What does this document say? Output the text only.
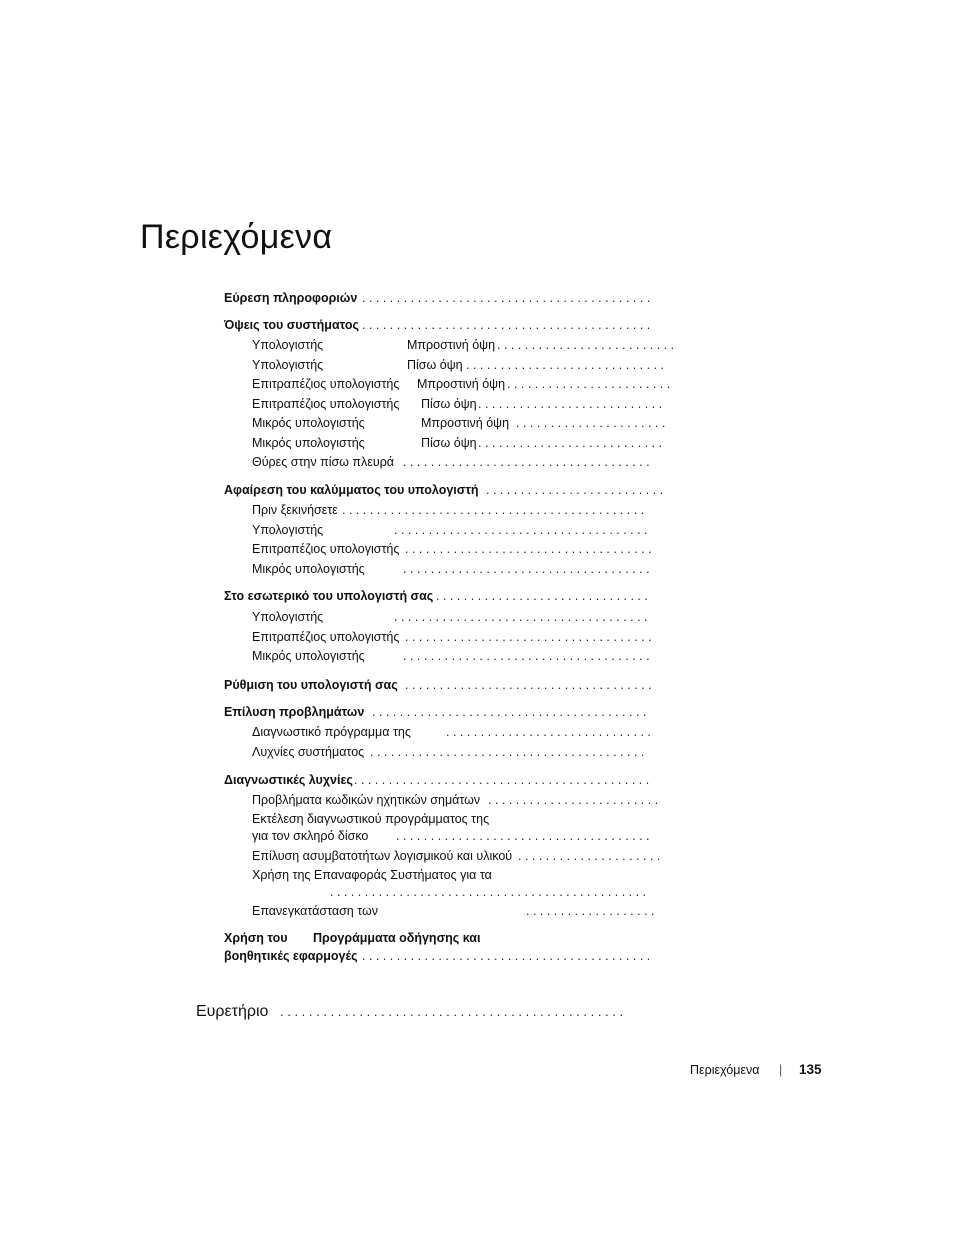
Περιεχόμενα
Εύρεση πληροφοριών . . . . . . . . . . . . . . . . . . . . . . . . . . . . . . . . . . . . . . . . . .
Όψεις του συστήματος . . . . . . . . . . . . . . . . . . . . . . . . . . . . . . . . . . . . . . . . . .
Υπολογιστής	Μπροστινή όψη . . . . . . . . . . . . . . . . . . . . . . . . . .
Υπολογιστής	Πίσω όψη . . . . . . . . . . . . . . . . . . . . . . . . . . . . .
Επιτραπέζιος υπολογιστής Μπροστινή όψη . . . . . . . . . . . . . . . . . . . . . . . .
Επιτραπέζιος υπολογιστής Πίσω όψη . . . . . . . . . . . . . . . . . . . . . . . . . . .
Μικρός υπολογιστής	Μπροστινή όψη . . . . . . . . . . . . . . . . . . . . . .
Μικρός υπολογιστής	Πίσω όψη . . . . . . . . . . . . . . . . . . . . . . . . . . .
Θύρες στην πίσω πλευρά . . . . . . . . . . . . . . . . . . . . . . . . . . . . . . . . . . . .
Αφαίρεση του καλύμματος του υπολογιστή . . . . . . . . . . . . . . . . . . . . . . . . . .
Πριν ξεκινήσετε . . . . . . . . . . . . . . . . . . . . . . . . . . . . . . . . . . . . . . . . . . . .
Υπολογιστής	. . . . . . . . . . . . . . . . . . . . . . . . . . . . . . . . . . . . .
Επιτραπέζιος υπολογιστής . . . . . . . . . . . . . . . . . . . . . . . . . . . . . . . . . . . .
Μικρός υπολογιστής	. . . . . . . . . . . . . . . . . . . . . . . . . . . . . . . . . . . .
Στο εσωτερικό του υπολογιστή σας . . . . . . . . . . . . . . . . . . . . . . . . . . . . . . .
Υπολογιστής	. . . . . . . . . . . . . . . . . . . . . . . . . . . . . . . . . . . . .
Επιτραπέζιος υπολογιστής . . . . . . . . . . . . . . . . . . . . . . . . . . . . . . . . . . . .
Μικρός υπολογιστής	. . . . . . . . . . . . . . . . . . . . . . . . . . . . . . . . . . . .
Ρύθμιση του υπολογιστή σας . . . . . . . . . . . . . . . . . . . . . . . . . . . . . . . . . . . .
Επίλυση προβλημάτων . . . . . . . . . . . . . . . . . . . . . . . . . . . . . . . . . . . . . . . .
Διαγνωστικό πρόγραμμα της	. . . . . . . . . . . . . . . . . . . . . . . . . . . . . .
Λυχνίες συστήματος . . . . . . . . . . . . . . . . . . . . . . . . . . . . . . . . . . . . . . . .
Διαγνωστικές λυχνίες . . . . . . . . . . . . . . . . . . . . . . . . . . . . . . . . . . . . . . . . . . .
Προβλήματα κωδικών ηχητικών σημάτων . . . . . . . . . . . . . . . . . . . . . . . . .
Εκτέλεση διαγνωστικού προγράμματος της
για τον σκληρό δίσκο . . . . . . . . . . . . . . . . . . . . . . . . . . . . . . . . . . . . .
Επίλυση ασυμβατοτήτων λογισμικού και υλικού . . . . . . . . . . . . . . . . . . . . .
Χρήση της Επαναφοράς Συστήματος για τα
. . . . . . . . . . . . . . . . . . . . . . . . . . . . . . . . . . . . . . . . . . . . . .
Επανεγκατάσταση των	. . . . . . . . . . . . . . . . . . .
Χρήση του Προγράμματα οδήγησης και
βοηθητικές εφαρμογές . . . . . . . . . . . . . . . . . . . . . . . . . . . . . . . . . . . . . . . . . .
Ευρετήριο . . . . . . . . . . . . . . . . . . . . . . . . . . . . . . . . . . . . . . . . . . . . . . . .
Περιεχόμενα | 135
